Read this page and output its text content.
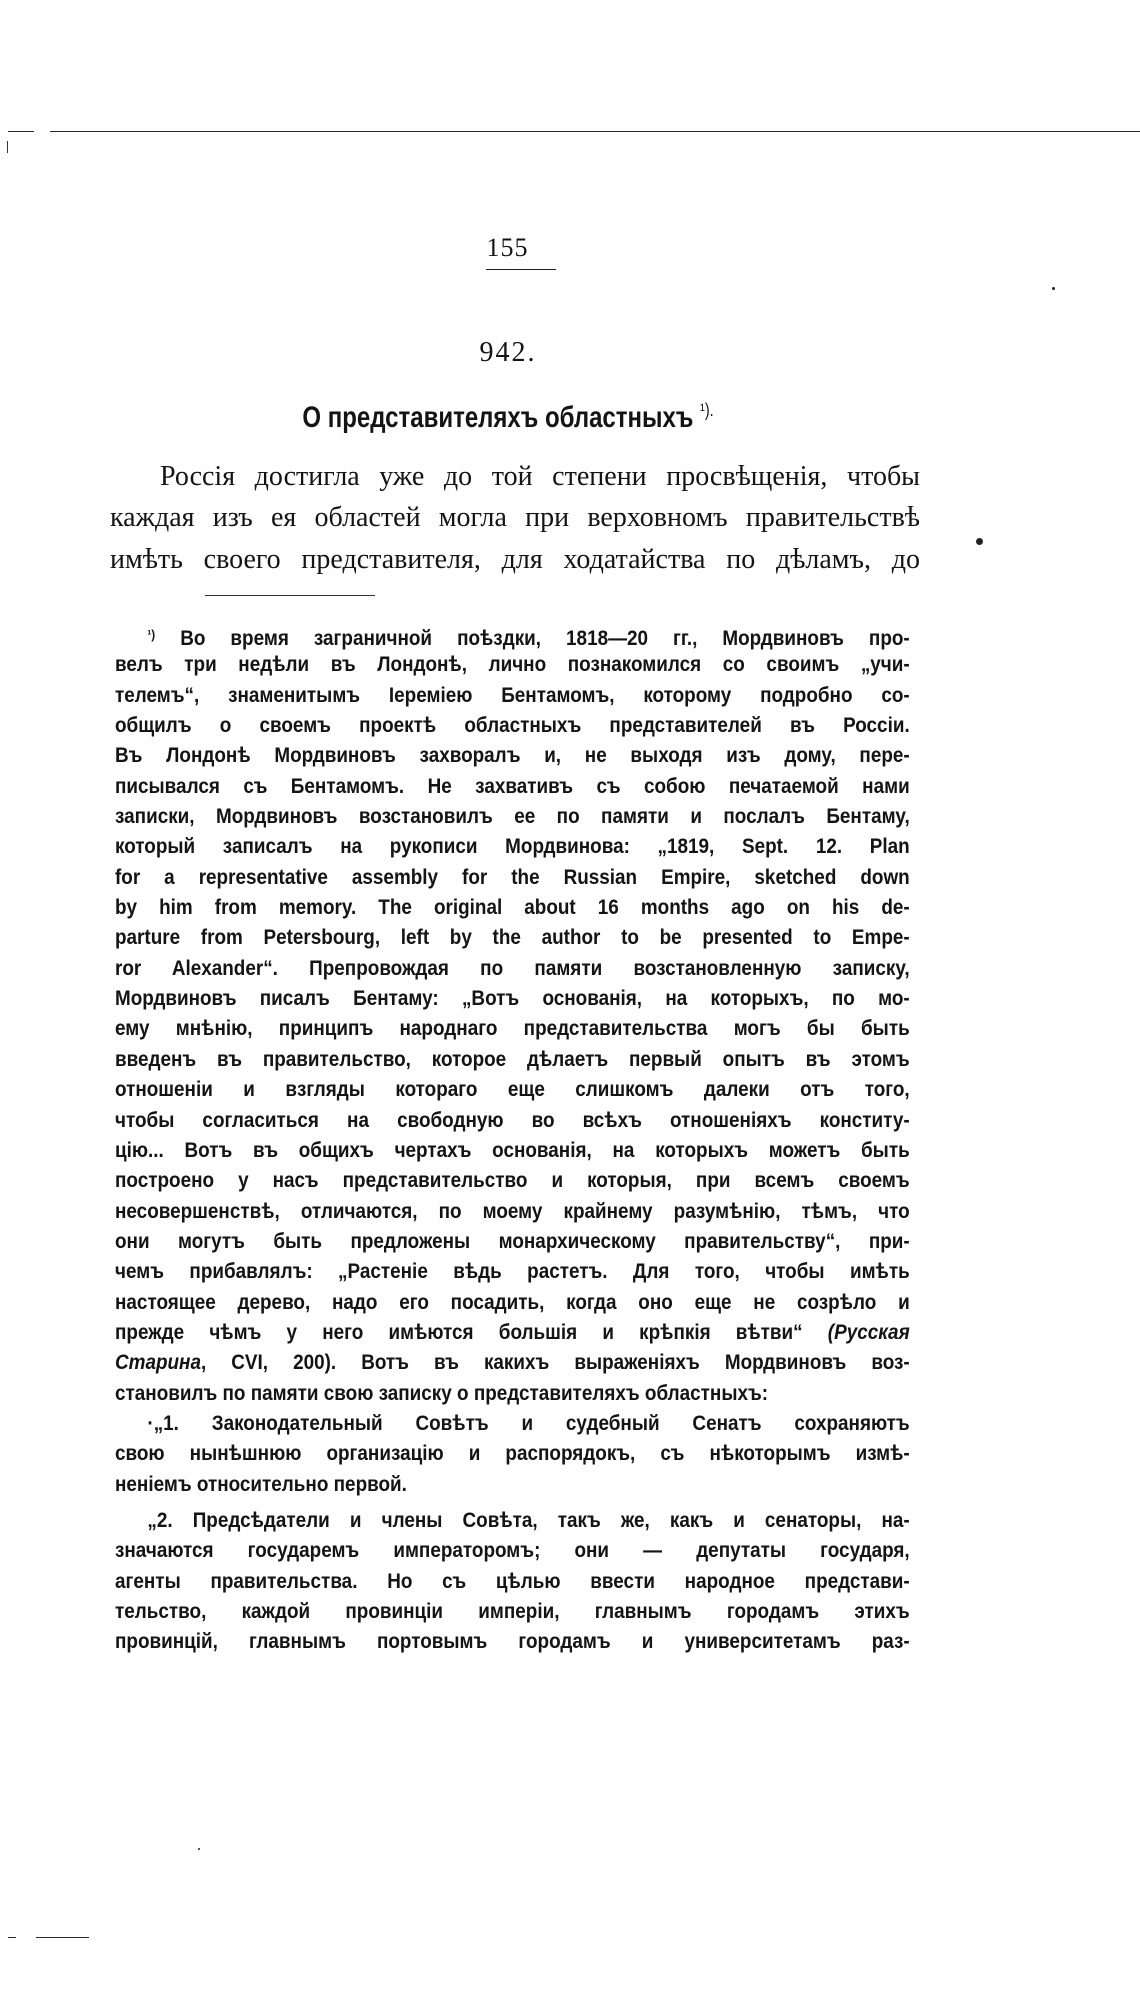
155
942.
О представителяхъ областныхъ $^{^1).}$
Россія достигла уже до той степени просвѣщенія, чтобы
каждая изъ ея областей могла при верховномъ правительствѣ
имѣть своего представителя, для ходатайства по дѣламъ, до
$^{^1)}$ Во время заграничной поѣздки, 1818—20 гг., Мордвиновъ про-
велъ три недѣли въ Лондонѣ, лично познакомился со своимъ „учи-
телемъ“, знаменитымъ Іереміею Бентамомъ, которому подробно со-
общилъ о своемъ проектѣ областныхъ представителей въ Россіи.
Въ Лондонѣ Мордвиновъ захворалъ и, не выходя изъ дому, пере-
писывался съ Бентамомъ. Не захвативъ съ собою печатаемой нами
записки, Мордвиновъ возстановилъ ее по памяти и послалъ Бентаму,
который записалъ на рукописи Мордвинова: „1819, Sept. 12. Plan
for a representative assembly for the Russian Empire, sketched down
by him from memory. The original about 16 months ago on his de-
parture from Petersbourg, left by the author to be presented to Empe-
ror Alexander“. Препровождая по памяти возстановленную записку,
Мордвиновъ писалъ Бентаму: „Вотъ основанія, на которыхъ, по мо-
ему мнѣнію, принципъ народнаго представительства могъ бы быть
введенъ въ правительство, которое дѣлаетъ первый опытъ въ этомъ
отношеніи и взгляды котораго еще слишкомъ далеки отъ того,
чтобы согласиться на свободную во всѣхъ отношеніяхъ конститу-
цію... Вотъ въ общихъ чертахъ основанія, на которыхъ можетъ быть
построено у насъ представительство и которыя, при всемъ своемъ
несовершенствѣ, отличаются, по моему крайнему разумѣнію, тѣмъ, что
они могутъ быть предложены монархическому правительству“, при-
чемъ прибавлялъ: „Растеніе вѣдь растетъ. Для того, чтобы имѣть
настоящее дерево, надо его посадить, когда оно еще не созрѣло и
прежде чѣмъ у него имѣются большія и крѣпкія вѣтви“ (Русская
Старина, CVI, 200). Вотъ въ какихъ выраженіяхъ Мордвиновъ воз-
становилъ по памяти свою записку о представителяхъ областныхъ:
·„1. Законодательный Совѣтъ и судебный Сенатъ сохраняютъ
свою нынѣшнюю организацію и распорядокъ, съ нѣкоторымъ измѣ-
неніемъ относительно первой.
„2. Предсѣдатели и члены Совѣта, такъ же, какъ и сенаторы, на-
значаются государемъ императоромъ; они — депутаты государя,
агенты правительства. Но съ цѣлью ввести народное представи-
тельство, каждой провинціи имперіи, главнымъ городамъ этихъ
провинцій, главнымъ портовымъ городамъ и университетамъ раз-
